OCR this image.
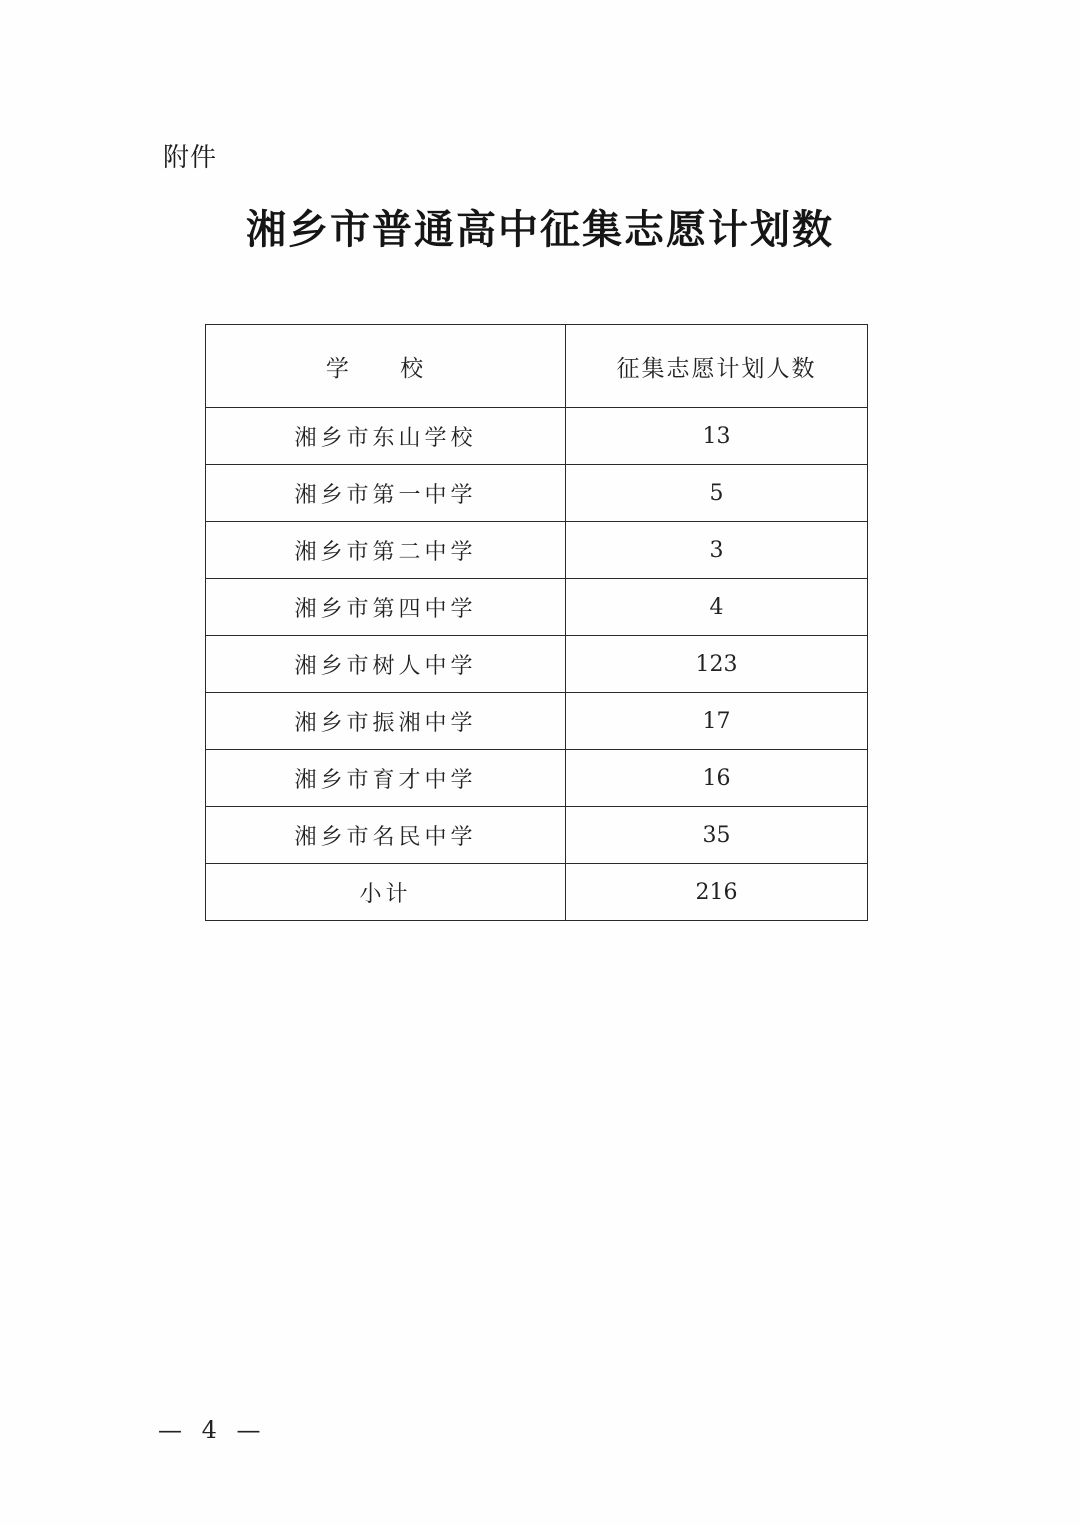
附件
湘乡市普通高中征集志愿计划数
学 校	征集志愿计划人数
湘乡市东山学校	13
湘乡市第一中学	5
湘乡市第二中学	3
湘乡市第四中学	4
湘乡市树人中学	123
湘乡市振湘中学	17
湘乡市育才中学	16
湘乡市名民中学	35
小计	216
— 4 —
